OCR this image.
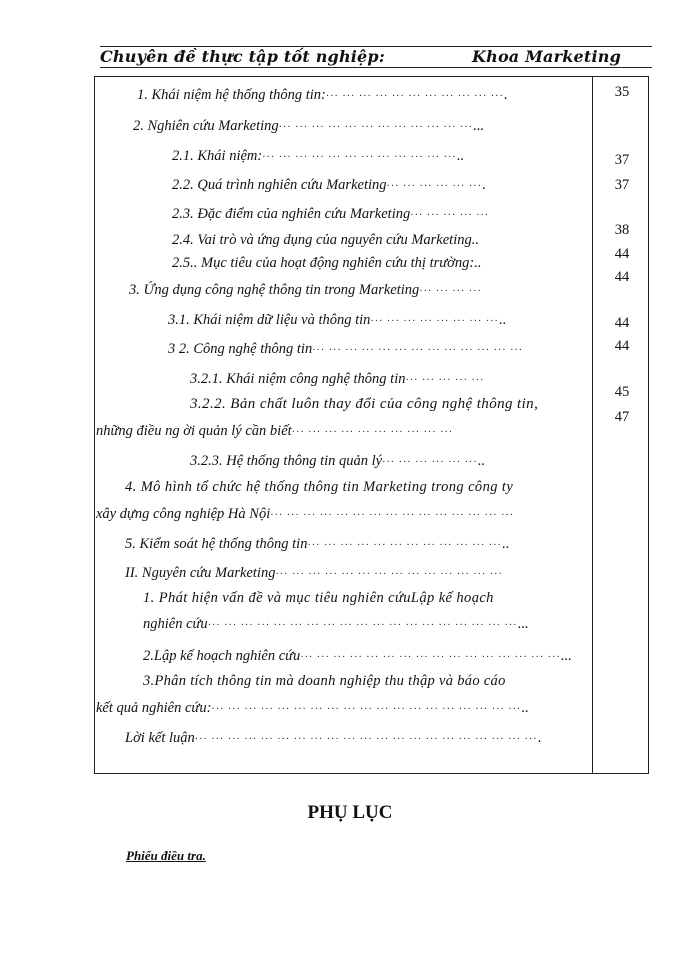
Chuyên đề thực tập tốt nghiệp:	Khoa Marketing
1. Khái niệm hệ thống thông tin:··· ··· ··· ··· ··· ··· ··· ··· ··· ··· ···.
2. Nghiên cứu Marketing··· ··· ··· ··· ··· ··· ··· ··· ··· ··· ··· ···...
2.1. Khái niệm:··· ··· ··· ··· ··· ··· ··· ··· ··· ··· ··· ···..
2.2. Quá trình nghiên cứu Marketing··· ··· ··· ··· ··· ···.
2.3. Đặc điểm của nghiên cứu Marketing··· ··· ··· ··· ···
2.4. Vai trò và ứng dụng của nguyên cứu Marketing..
2.5.. Mục tiêu của hoạt động nghiên cứu thị trường:..
3. Ứng dụng công nghệ thông tin trong Marketing··· ··· ··· ···
3.1. Khái niệm dữ liệu và thông tin··· ··· ··· ··· ··· ··· ··· ···..
3 2. Công nghệ thông tin··· ··· ··· ··· ··· ··· ··· ··· ··· ··· ··· ··· ···
3.2.1. Khái niệm công nghệ thông tin··· ··· ··· ··· ···
3.2.2. Bản chất luôn thay đổi của công nghệ thông tin,
những điều ng ời quản lý cần biết··· ··· ··· ··· ··· ··· ··· ··· ··· ···
3.2.3. Hệ thống thông tin quản lý··· ··· ··· ··· ··· ···..
4. Mô hình tổ chức hệ thống thông tin Marketing trong công ty
xây dựng công nghiệp Hà Nội··· ··· ··· ··· ··· ··· ··· ··· ··· ··· ··· ··· ··· ··· ···
5. Kiểm soát hệ thống thông tin··· ··· ··· ··· ··· ··· ··· ··· ··· ··· ··· ···..
II. Nguyên cứu Marketing··· ··· ··· ··· ··· ··· ··· ··· ··· ··· ··· ··· ··· ···
1. Phát hiện vấn đề và mục tiêu nghiên cứuLập kế hoạch
nghiên cứu··· ··· ··· ··· ··· ··· ··· ··· ··· ··· ··· ··· ··· ··· ··· ··· ··· ··· ···...
2.Lập kế hoạch nghiên cứu··· ··· ··· ··· ··· ··· ··· ··· ··· ··· ··· ··· ··· ··· ··· ···...
3.Phân tích thông tin mà doanh nghiệp thu thập và báo cáo
kết quả nghiên cứu:··· ··· ··· ··· ··· ··· ··· ··· ··· ··· ··· ··· ··· ··· ··· ··· ··· ··· ···..
Lời kết luận··· ··· ··· ··· ··· ··· ··· ··· ··· ··· ··· ··· ··· ··· ··· ··· ··· ··· ··· ··· ···.
35
37
37
38
44
44
44
44
45
47
PHỤ LỤC
Phiếu điều tra.
